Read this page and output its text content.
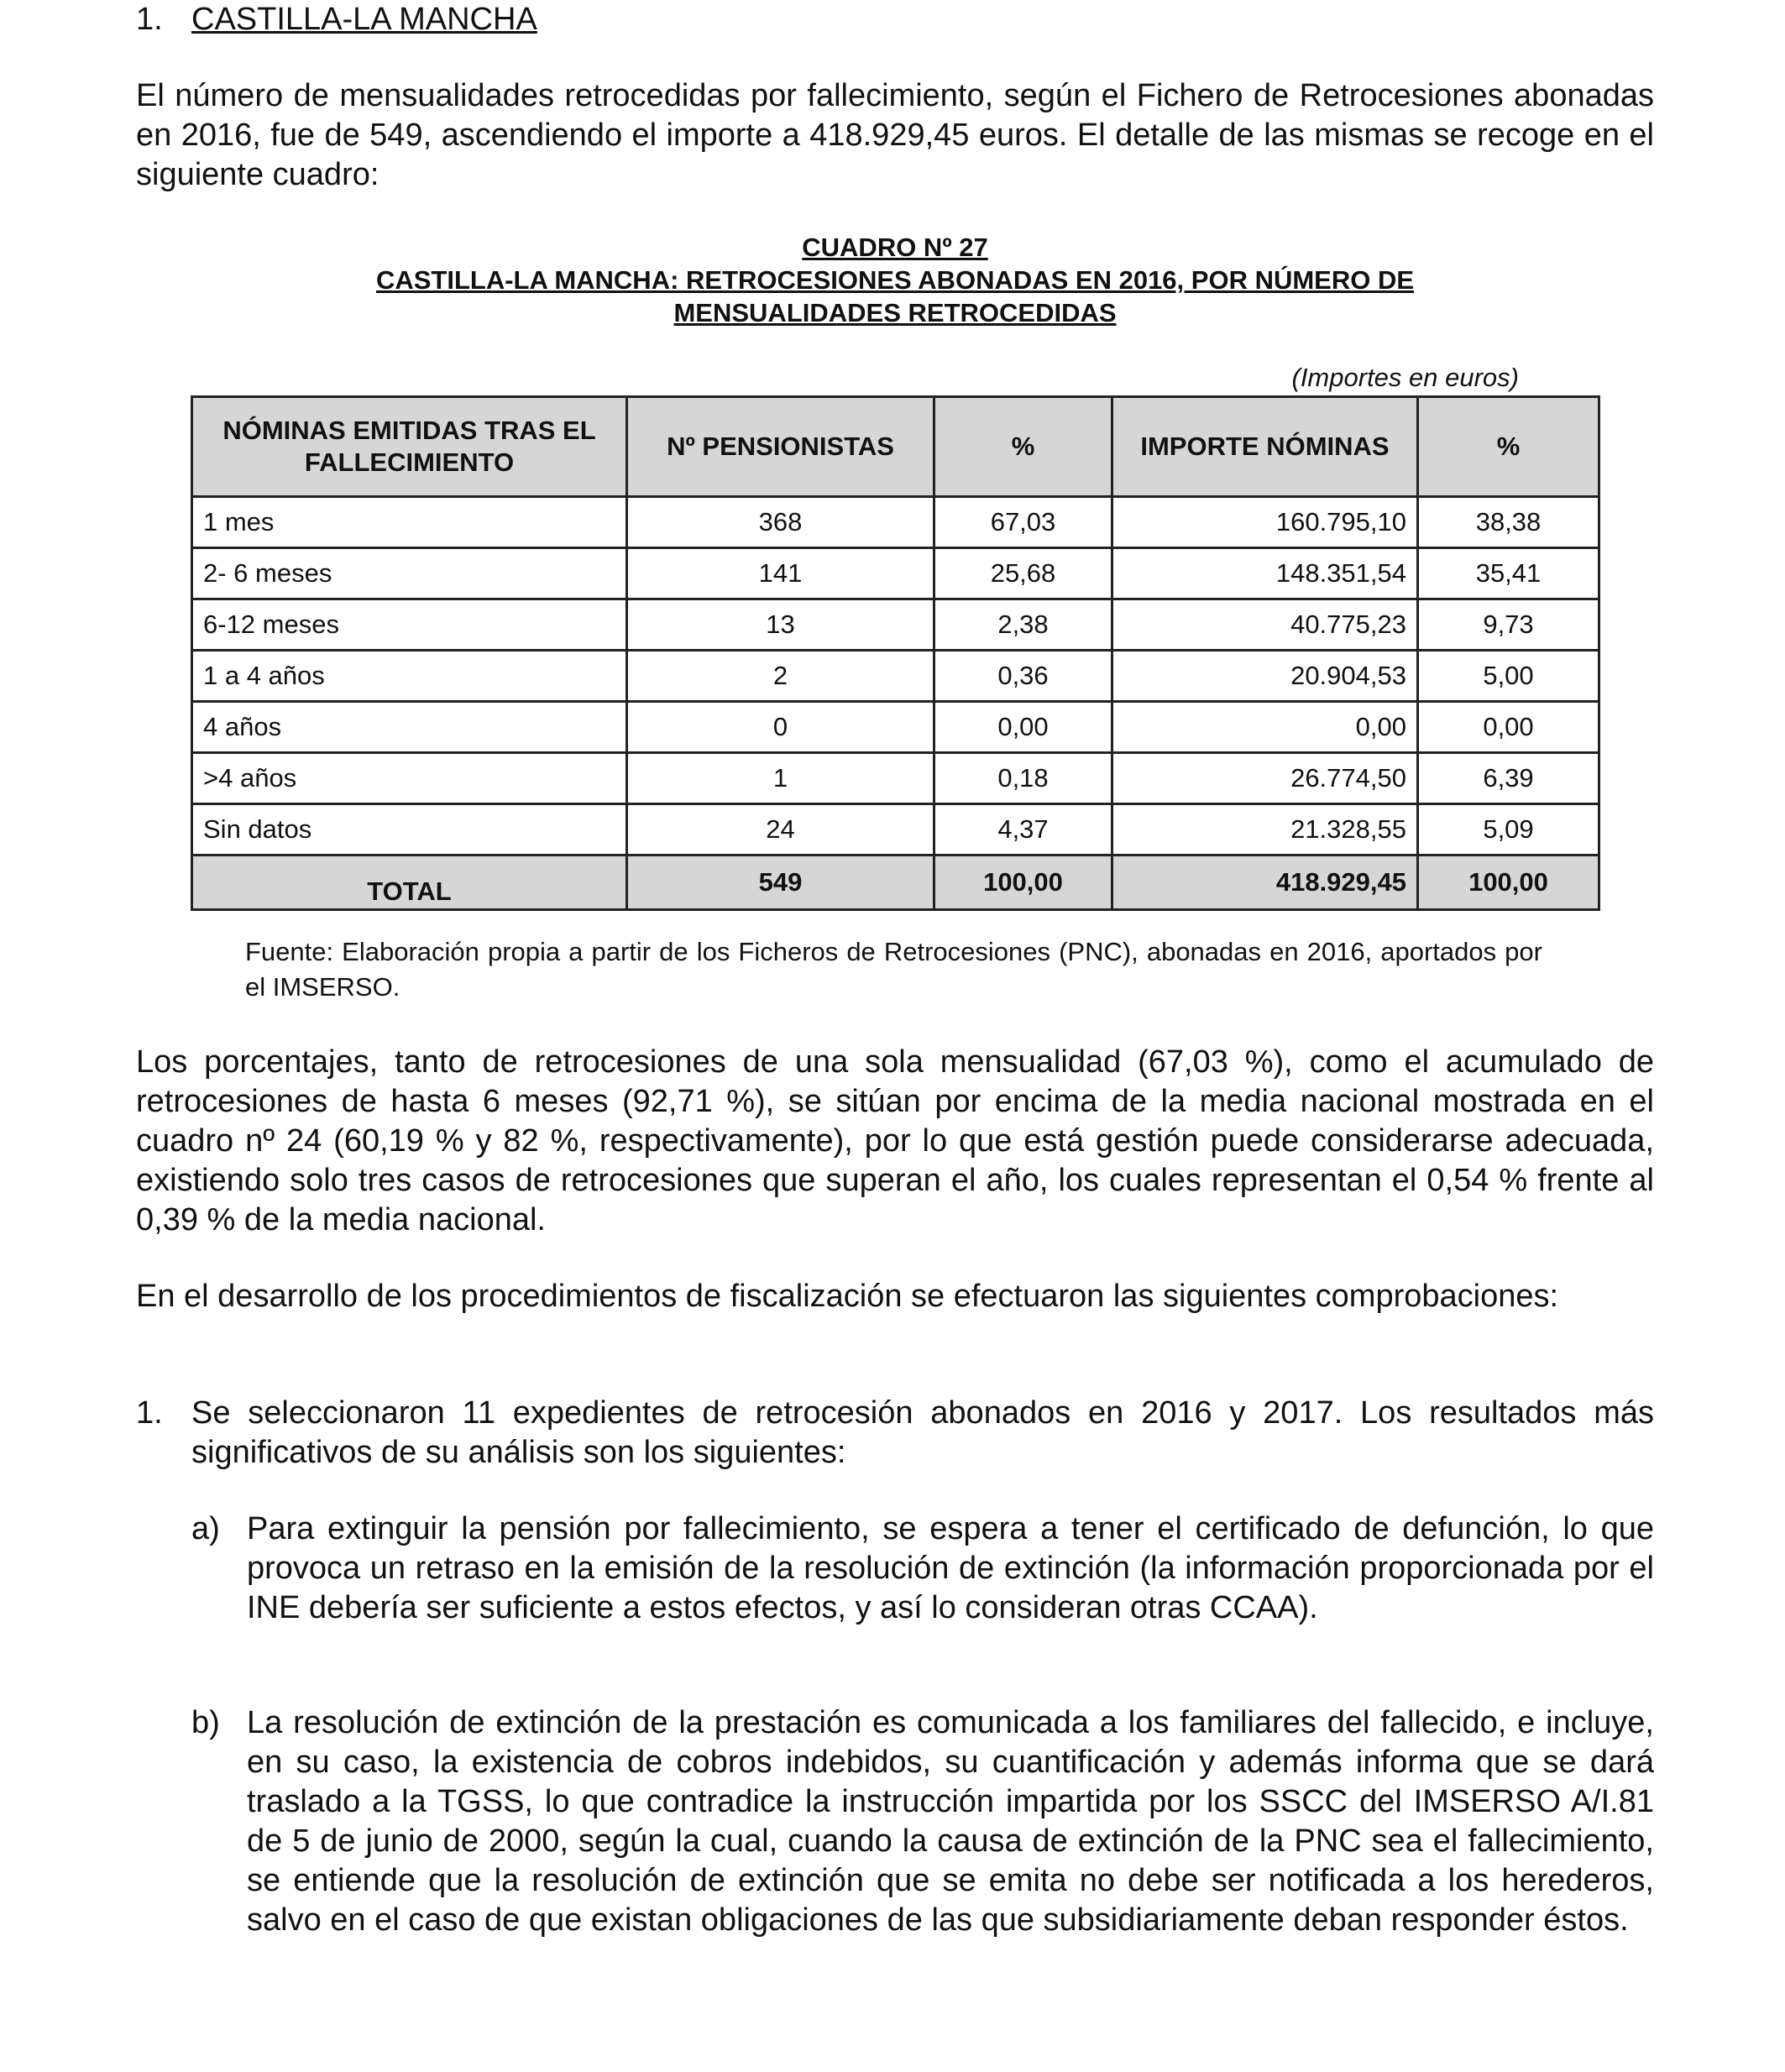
1. CASTILLA-LA MANCHA

El número de mensualidades retrocedidas por fallecimiento, según el Fichero de Retrocesiones abonadas en 2016, fue de 549, ascendiendo el importe a 418.929,45 euros. El detalle de las mismas se recoge en el siguiente cuadro:

CUADRO Nº 27
CASTILLA-LA MANCHA: RETROCESIONES ABONADAS EN 2016, POR NÚMERO DE
MENSUALIDADES RETROCEDIDAS
(Importes en euros)
NÓMINAS EMITIDAS TRAS EL FALLECIMIENTO	Nº PENSIONISTAS	%	IMPORTE NÓMINAS	%
1 mes	368	67,03	160.795,10	38,38
2- 6 meses	141	25,68	148.351,54	35,41
6-12 meses	13	2,38	40.775,23	9,73
1 a 4 años	2	0,36	20.904,53	5,00
4 años	0	0,00	0,00	0,00
>4 años	1	0,18	26.774,50	6,39
Sin datos	24	4,37	21.328,55	5,09
TOTAL	549	100,00	418.929,45	100,00

Fuente: Elaboración propia a partir de los Ficheros de Retrocesiones (PNC), abonadas en 2016, aportados por el IMSERSO.

Los porcentajes, tanto de retrocesiones de una sola mensualidad (67,03 %), como el acumulado de retrocesiones de hasta 6 meses (92,71 %), se sitúan por encima de la media nacional mostrada en el cuadro nº 24 (60,19 % y 82 %, respectivamente), por lo que está gestión puede considerarse adecuada, existiendo solo tres casos de retrocesiones que superan el año, los cuales representan el 0,54 % frente al 0,39 % de la media nacional.

En el desarrollo de los procedimientos de fiscalización se efectuaron las siguientes comprobaciones:

1. Se seleccionaron 11 expedientes de retrocesión abonados en 2016 y 2017. Los resultados más significativos de su análisis son los siguientes:

a) Para extinguir la pensión por fallecimiento, se espera a tener el certificado de defunción, lo que provoca un retraso en la emisión de la resolución de extinción (la información proporcionada por el INE debería ser suficiente a estos efectos, y así lo consideran otras CCAA).

b) La resolución de extinción de la prestación es comunicada a los familiares del fallecido, e incluye, en su caso, la existencia de cobros indebidos, su cuantificación y además informa que se dará traslado a la TGSS, lo que contradice la instrucción impartida por los SSCC del IMSERSO A/I.81 de 5 de junio de 2000, según la cual, cuando la causa de extinción de la PNC sea el fallecimiento, se entiende que la resolución de extinción que se emita no debe ser notificada a los herederos, salvo en el caso de que existan obligaciones de las que subsidiariamente deban responder éstos.
